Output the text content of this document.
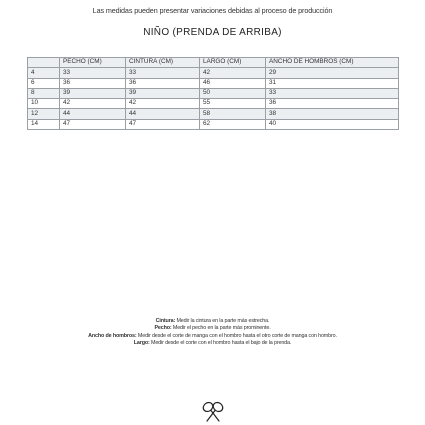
Las medidas pueden presentar variaciones debidas al proceso de producción
NIÑO (PRENDA DE ARRIBA)
	PECHO (CM)	CINTURA (CM)	LARGO (CM)	ANCHO DE HOMBROS (CM)
4	33	33	42	29
6	36	36	46	31
8	39	39	50	33
10	42	42	55	36
12	44	44	58	38
14	47	47	62	40
Cintura: Medir la cintura en la parte más estrecha.
Pecho: Medir el pecho en la parte más prominente.
Ancho de hombros: Medir desde el corte de manga con el hombro hasta el otro corte de manga con hombro.
Largo: Medir desde el corte con el hombro hasta el bajo de la prenda.
